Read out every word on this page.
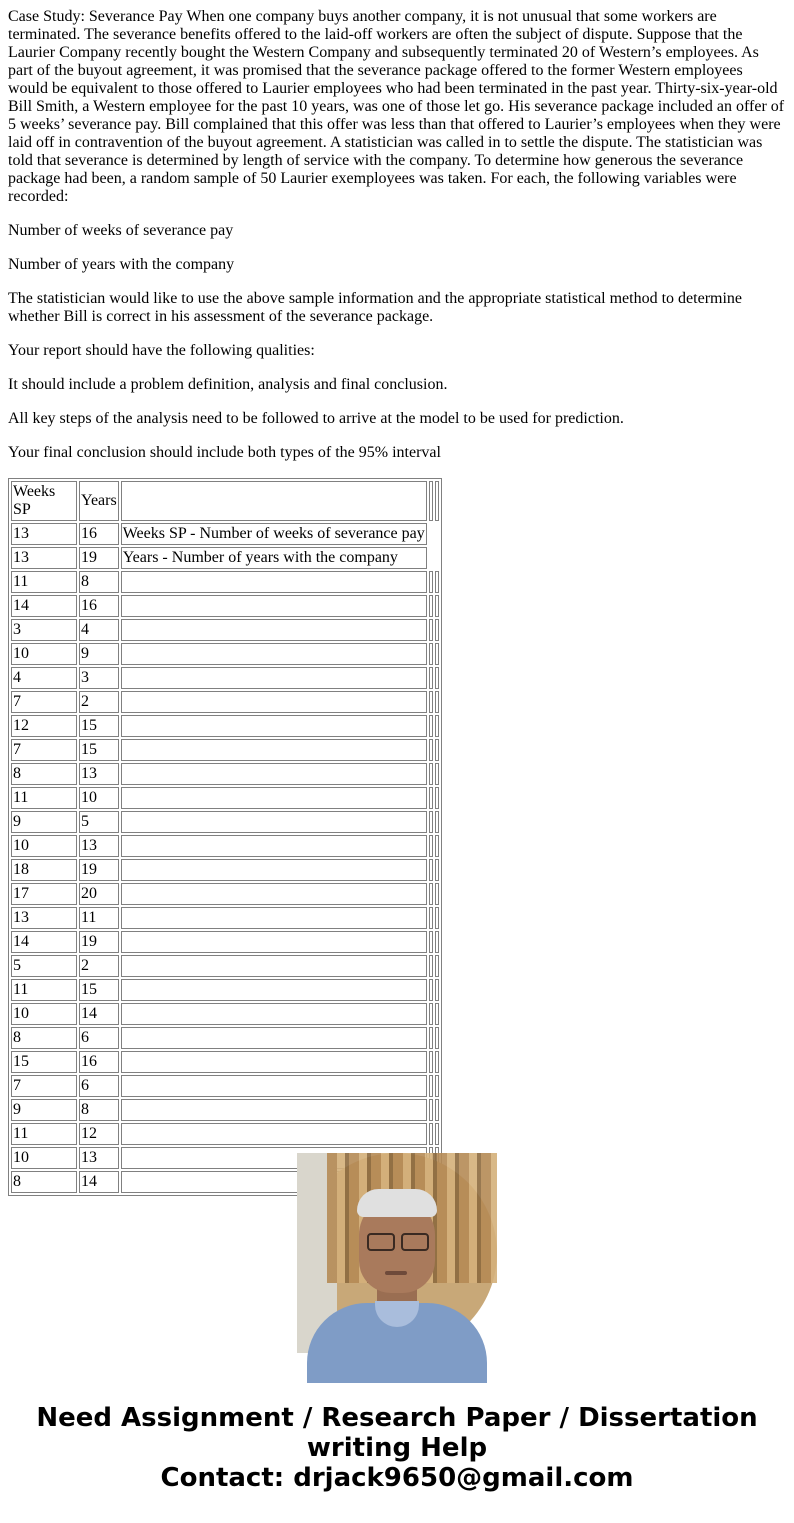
Case Study: Severance Pay When one company buys another company, it is not unusual that some workers are terminated. The severance benefits offered to the laid-off workers are often the subject of dispute. Suppose that the Laurier Company recently bought the Western Company and subsequently terminated 20 of Western’s employees. As part of the buyout agreement, it was promised that the severance package offered to the former Western employees would be equivalent to those offered to Laurier employees who had been terminated in the past year. Thirty-six-year-old Bill Smith, a Western employee for the past 10 years, was one of those let go. His severance package included an offer of 5 weeks’ severance pay. Bill complained that this offer was less than that offered to Laurier’s employees when they were laid off in contravention of the buyout agreement. A statistician was called in to settle the dispute. The statistician was told that severance is determined by length of service with the company. To determine how generous the severance package had been, a random sample of 50 Laurier exemployees was taken. For each, the following variables were recorded:

Number of weeks of severance pay

Number of years with the company

The statistician would like to use the above sample information and the appropriate statistical method to determine whether Bill is correct in his assessment of the severance package.

Your report should have the following qualities:

It should include a problem definition, analysis and final conclusion.

All key steps of the analysis need to be followed to arrive at the model to be used for prediction.

Your final conclusion should include both types of the 95% interval

Weeks SP	Years			
13	16	Weeks SP - Number of weeks of severance pay		
13	19	Years - Number of years with the company		
11	8			
14	16			
3	4			
10	9			
4	3			
7	2			
12	15			
7	15			
8	13			
11	10			
9	5			
10	13			
18	19			
17	20			
13	11			
14	19			
5	2			
11	15			
10	14			
8	6			
15	16			
7	6			
9	8			
11	12			
10	13			
8	14			
Need Assignment / Research Paper / Dissertation
writing Help
Contact: drjack9650@gmail.com
